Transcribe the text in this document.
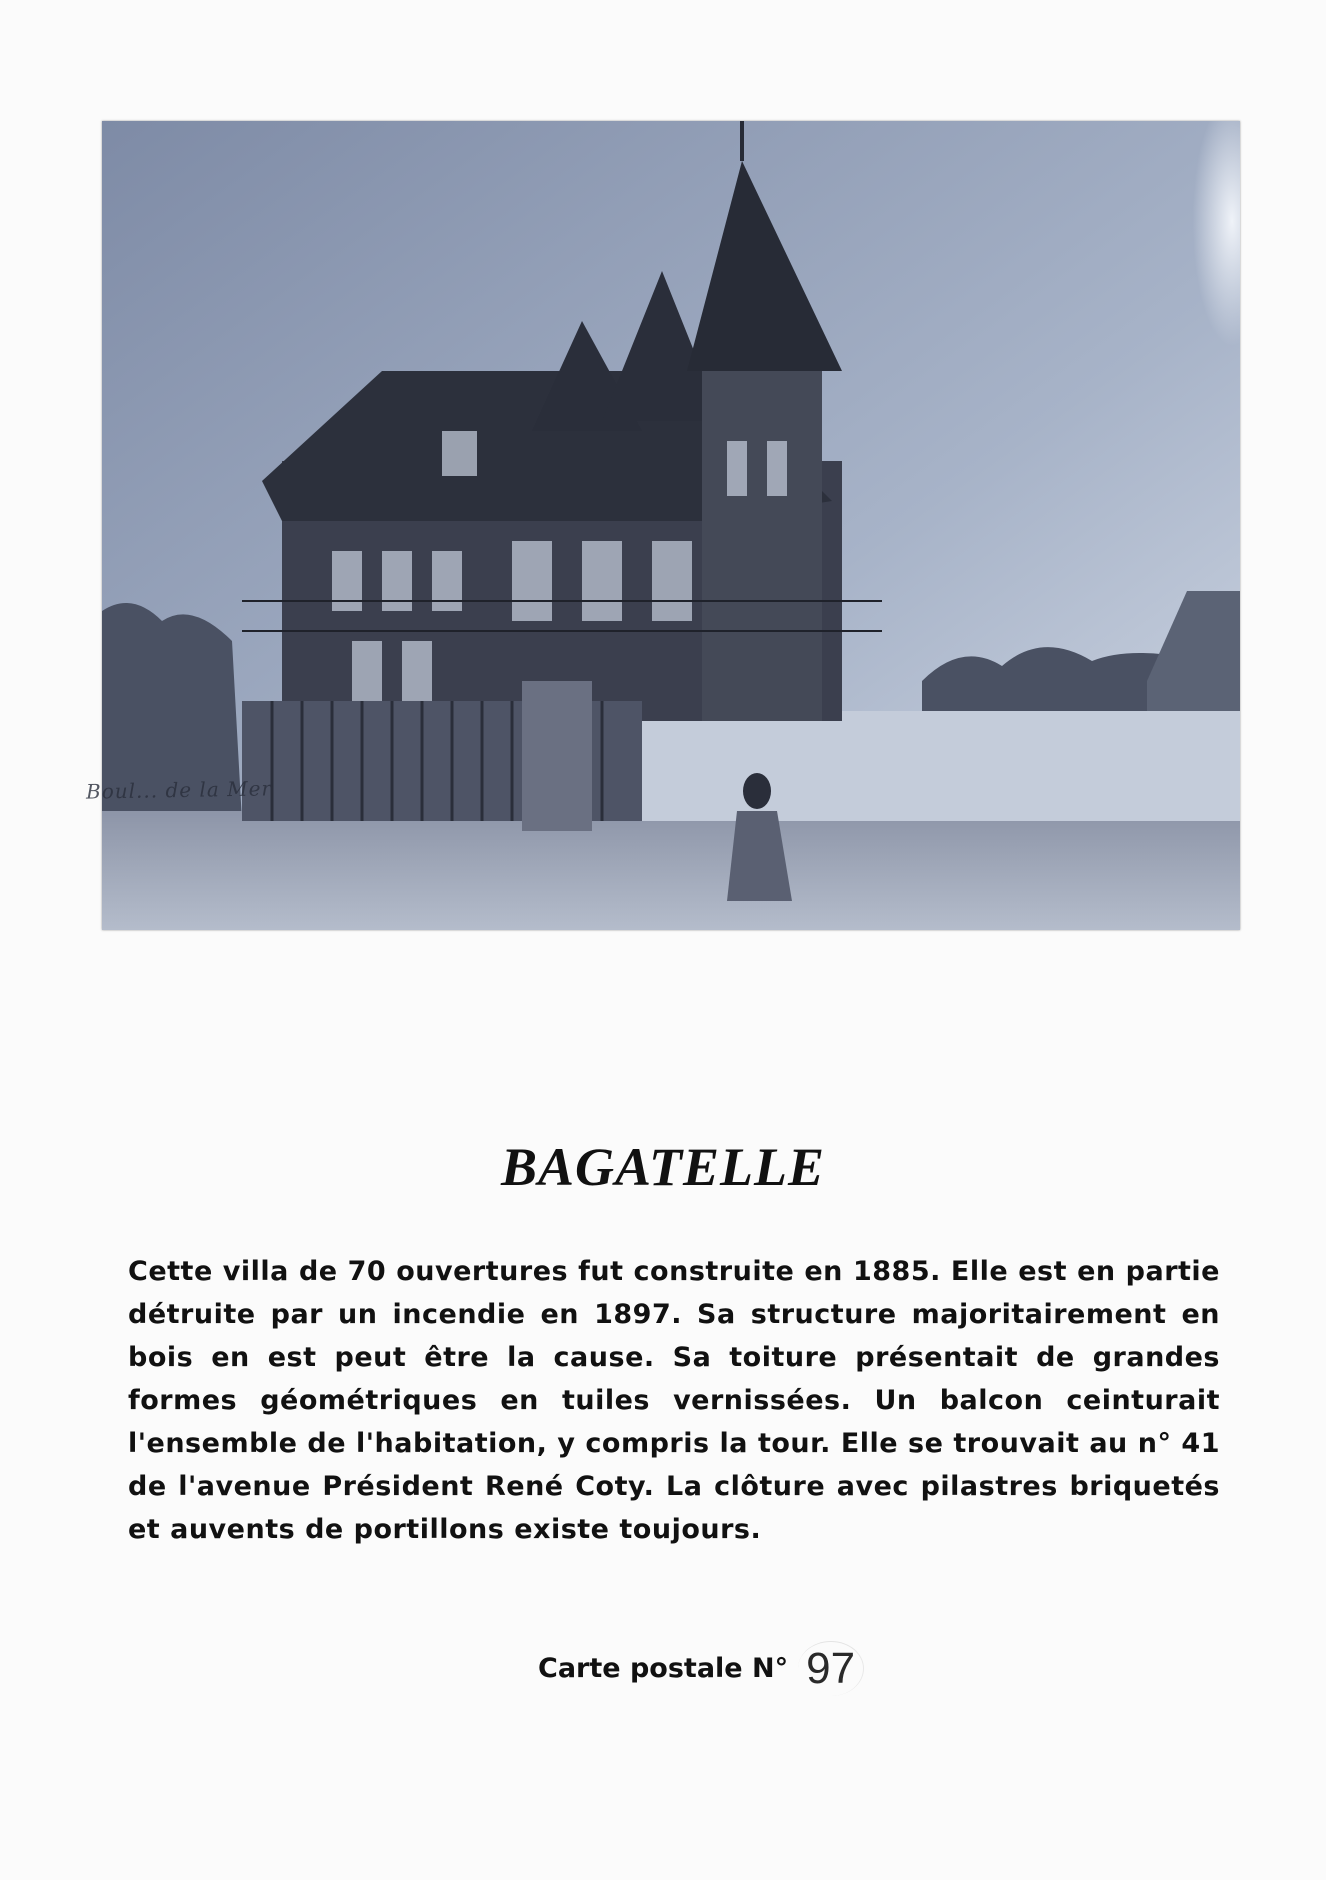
Boul... de la Mer
BAGATELLE

Cette villa de 70 ouvertures fut construite en 1885. Elle est en partie détruite par un incendie en 1897. Sa structure majoritairement en bois en est peut être la cause. Sa toiture présentait de grandes formes géométriques en tuiles vernissées. Un balcon ceinturait l'ensemble de l'habitation, y compris la tour. Elle se trouvait au n° 41 de l'avenue Président René Coty. La clôture avec pilastres briquetés et auvents de portillons existe toujours.

Carte postale N° 97
